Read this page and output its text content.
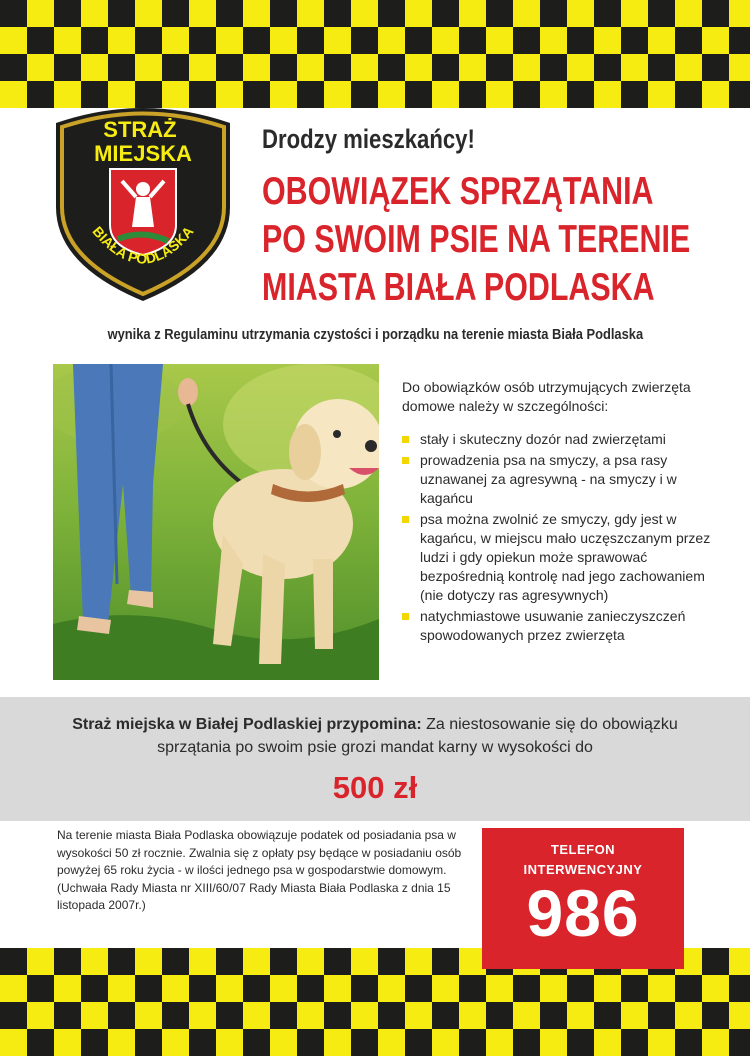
STRAŻ MIEJSKA
BIAŁA PODLASKA
Drodzy mieszkańcy!
OBOWIĄZEK SPRZĄTANIA
PO SWOIM PSIE NA TERENIE
MIASTA BIAŁA PODLASKA
wynika z Regulaminu utrzymania czystości i porządku na terenie miasta Biała Podlaska

Do obowiązków osób utrzymujących zwierzęta domowe należy w szczególności:

stały i skuteczny dozór nad zwierzętami
prowadzenia psa na smyczy, a psa rasy uznawanej za agresywną - na smyczy i w kagańcu
psa można zwolnić ze smyczy, gdy jest w kagańcu, w miejscu mało uczęszczanym przez ludzi i gdy opiekun może sprawować bezpośrednią kontrolę nad jego zachowaniem (nie dotyczy ras agresywnych)
natychmiastowe usuwanie zanieczyszczeń spowodowanych przez zwierzęta
Straż miejska w Białej Podlaskiej przypomina: Za niestosowanie się do obowiązku sprzątania po swoim psie grozi mandat karny w wysokości do
500 zł
Na terenie miasta Biała Podlaska obowiązuje podatek od posiadania psa w wysokości 50 zł rocznie. Zwalnia się z opłaty psy będące w posiadaniu osób powyżej 65 roku życia - w ilości jednego psa w gospodarstwie domowym. (Uchwała Rady Miasta nr XIII/60/07 Rady Miasta Biała Podlaska z dnia 15 listopada 2007r.)
TELEFON
INTERWENCYJNY
986
